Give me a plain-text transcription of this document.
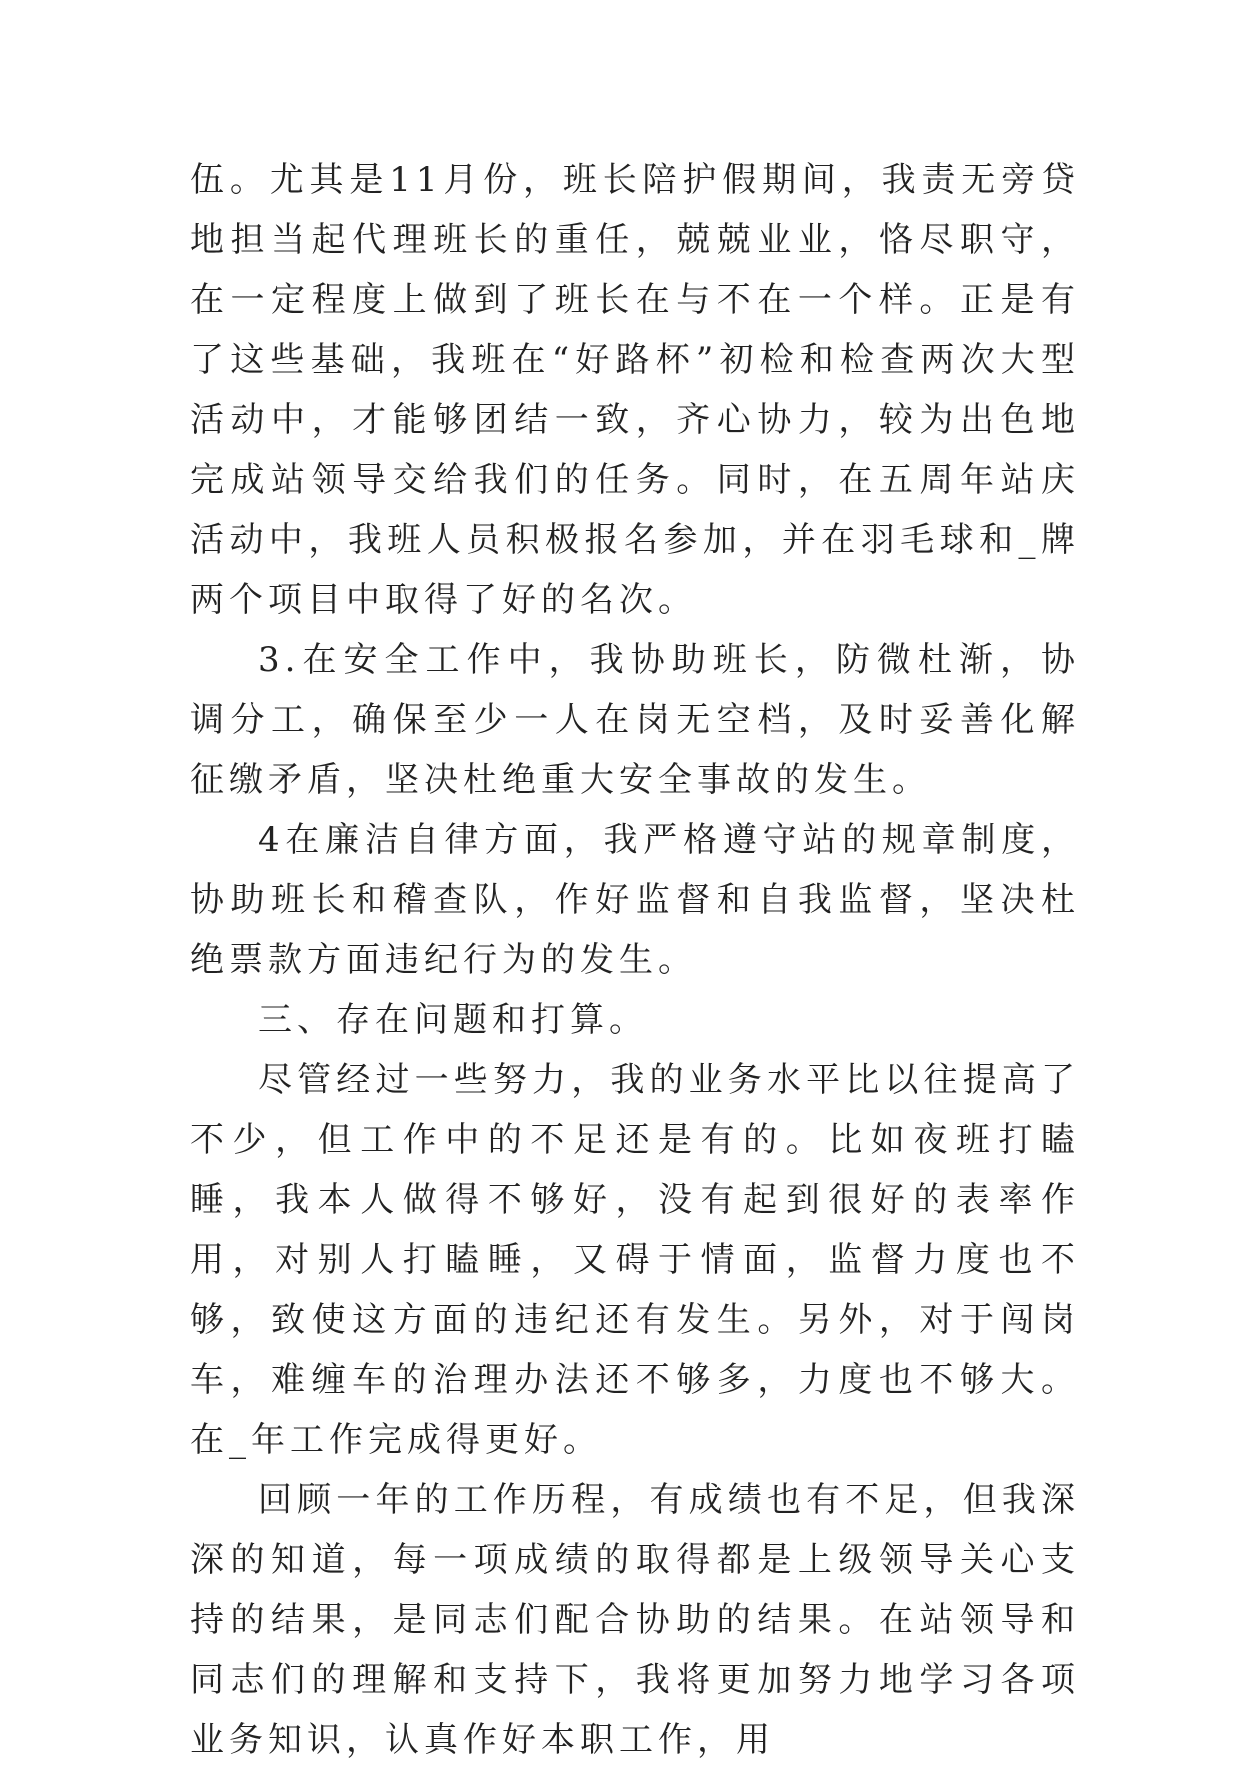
伍。尤其是11月份，班长陪护假期间，我责无旁贷地担当起代理班长的重任，兢兢业业，恪尽职守，在一定程度上做到了班长在与不在一个样。正是有了这些基础，我班在“好路杯”初检和检查两次大型活动中，才能够团结一致，齐心协力，较为出色地完成站领导交给我们的任务。同时，在五周年站庆活动中，我班人员积极报名参加，并在羽毛球和_牌两个项目中取得了好的名次。

3.在安全工作中，我协助班长，防微杜渐，协调分工，确保至少一人在岗无空档，及时妥善化解征缴矛盾，坚决杜绝重大安全事故的发生。

4在廉洁自律方面，我严格遵守站的规章制度，协助班长和稽查队，作好监督和自我监督，坚决杜绝票款方面违纪行为的发生。

三、存在问题和打算。

尽管经过一些努力，我的业务水平比以往提高了不少，但工作中的不足还是有的。比如夜班打瞌睡，我本人做得不够好，没有起到很好的表率作用，对别人打瞌睡，又碍于情面，监督力度也不够，致使这方面的违纪还有发生。另外，对于闯岗车，难缠车的治理办法还不够多，力度也不够大。在_年工作完成得更好。

回顾一年的工作历程，有成绩也有不足，但我深深的知道，每一项成绩的取得都是上级领导关心支持的结果，是同志们配合协助的结果。在站领导和同志们的理解和支持下，我将更加努力地学习各项业务知识，认真作好本职工作，用
